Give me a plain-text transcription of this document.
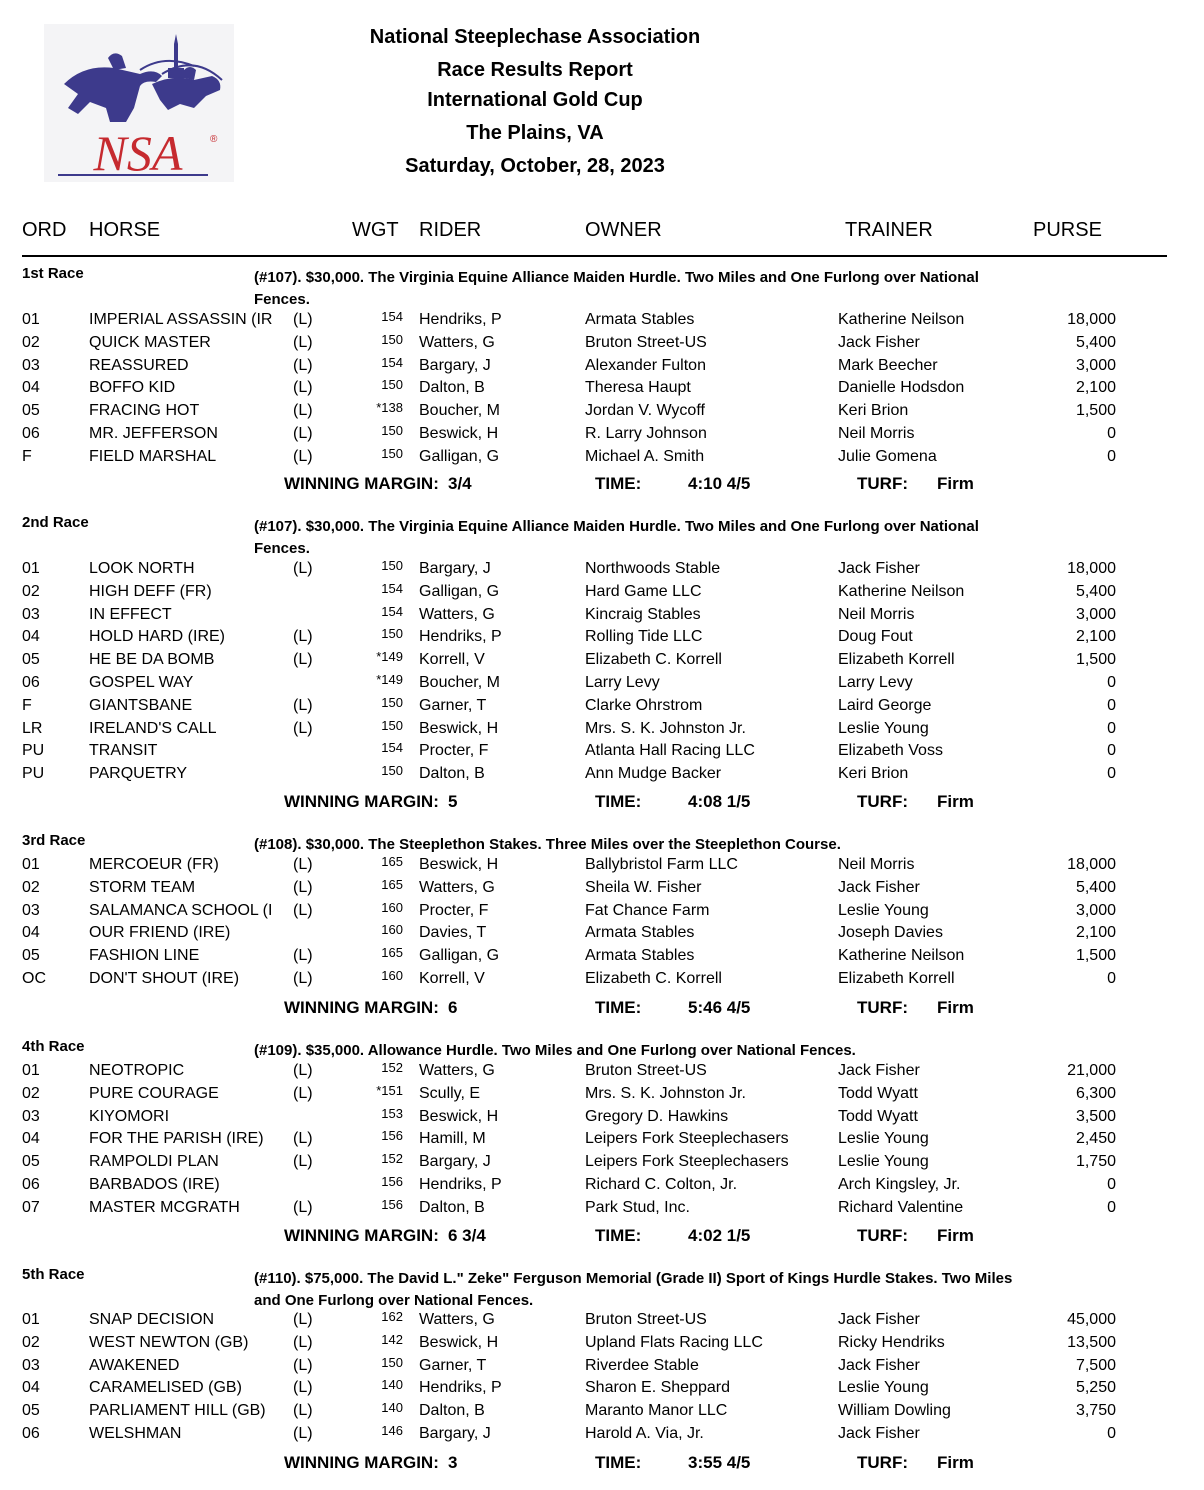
NSA	®
National Steeplechase Association
Race Results Report
International Gold Cup
The Plains, VA
Saturday, October, 28, 2023
ORD HORSE	WGT RIDER	OWNER	TRAINER	PURSE
1st Race	(#107). $30,000. The Virginia Equine Alliance Maiden Hurdle. Two Miles and One Furlong over National Fences.
01	IMPERIAL ASSASSIN (IR	(L)	154 Hendriks, P	Armata Stables	Katherine Neilson	18,000
02	QUICK MASTER	(L)	150 Watters, G	Bruton Street-US	Jack Fisher	5,400
03	REASSURED	(L)	154 Bargary, J	Alexander Fulton	Mark Beecher	3,000
04	BOFFO KID	(L)	150 Dalton, B	Theresa Haupt	Danielle Hodsdon	2,100
05	FRACING HOT	(L)	*138 Boucher, M	Jordan V. Wycoff	Keri Brion	1,500
06	MR. JEFFERSON	(L)	150 Beswick, H	R. Larry Johnson	Neil Morris	0
F	FIELD MARSHAL	(L)	150 Galligan, G	Michael A. Smith	Julie Gomena	0
WINNING MARGIN: 3/4	TIME:	4:10 4/5	TURF: Firm
2nd Race	(#107). $30,000. The Virginia Equine Alliance Maiden Hurdle. Two Miles and One Furlong over National Fences.
01	LOOK NORTH	(L)	150 Bargary, J	Northwoods Stable	Jack Fisher	18,000
02	HIGH DEFF (FR)	154 Galligan, G	Hard Game LLC	Katherine Neilson	5,400
03	IN EFFECT	154 Watters, G	Kincraig Stables	Neil Morris	3,000
04	HOLD HARD (IRE)	(L)	150 Hendriks, P	Rolling Tide LLC	Doug Fout	2,100
05	HE BE DA BOMB	(L)	*149 Korrell, V	Elizabeth C. Korrell	Elizabeth Korrell	1,500
06	GOSPEL WAY	*149 Boucher, M	Larry Levy	Larry Levy	0
F	GIANTSBANE	(L)	150 Garner, T	Clarke Ohrstrom	Laird George	0
LR	IRELAND'S CALL	(L)	150 Beswick, H	Mrs. S. K. Johnston Jr.	Leslie Young	0
PU	TRANSIT	154 Procter, F	Atlanta Hall Racing LLC	Elizabeth Voss	0
PU	PARQUETRY	150 Dalton, B	Ann Mudge Backer	Keri Brion	0
WINNING MARGIN: 5	TIME:	4:08 1/5	TURF: Firm
3rd Race	(#108). $30,000. The Steeplethon Stakes. Three Miles over the Steeplethon Course.
01	MERCOEUR (FR)	(L)	165 Beswick, H	Ballybristol Farm LLC	Neil Morris	18,000
02	STORM TEAM	(L)	165 Watters, G	Sheila W. Fisher	Jack Fisher	5,400
03	SALAMANCA SCHOOL (I	(L)	160 Procter, F	Fat Chance Farm	Leslie Young	3,000
04	OUR FRIEND (IRE)	160 Davies, T	Armata Stables	Joseph Davies	2,100
05	FASHION LINE	(L)	165 Galligan, G	Armata Stables	Katherine Neilson	1,500
OC	DON'T SHOUT (IRE)	(L)	160 Korrell, V	Elizabeth C. Korrell	Elizabeth Korrell	0
WINNING MARGIN: 6	TIME:	5:46 4/5	TURF: Firm
4th Race	(#109). $35,000. Allowance Hurdle. Two Miles and One Furlong over National Fences.
01	NEOTROPIC	(L)	152 Watters, G	Bruton Street-US	Jack Fisher	21,000
02	PURE COURAGE	(L)	*151 Scully, E	Mrs. S. K. Johnston Jr.	Todd Wyatt	6,300
03	KIYOMORI	153 Beswick, H	Gregory D. Hawkins	Todd Wyatt	3,500
04	FOR THE PARISH (IRE)	(L)	156 Hamill, M	Leipers Fork Steeplechasers	Leslie Young	2,450
05	RAMPOLDI PLAN	(L)	152 Bargary, J	Leipers Fork Steeplechasers	Leslie Young	1,750
06	BARBADOS (IRE)	156 Hendriks, P	Richard C. Colton, Jr.	Arch Kingsley, Jr.	0
07	MASTER MCGRATH	(L)	156 Dalton, B	Park Stud, Inc.	Richard Valentine	0
WINNING MARGIN: 6 3/4	TIME:	4:02 1/5	TURF: Firm
5th Race	(#110). $75,000. The David L." Zeke" Ferguson Memorial (Grade II) Sport of Kings Hurdle Stakes. Two Miles and One Furlong over National Fences.
01	SNAP DECISION	(L)	162 Watters, G	Bruton Street-US	Jack Fisher	45,000
02	WEST NEWTON (GB)	(L)	142 Beswick, H	Upland Flats Racing LLC	Ricky Hendriks	13,500
03	AWAKENED	(L)	150 Garner, T	Riverdee Stable	Jack Fisher	7,500
04	CARAMELISED (GB)	(L)	140 Hendriks, P	Sharon E. Sheppard	Leslie Young	5,250
05	PARLIAMENT HILL (GB)	(L)	140 Dalton, B	Maranto Manor LLC	William Dowling	3,750
06	WELSHMAN	(L)	146 Bargary, J	Harold A. Via, Jr.	Jack Fisher	0
WINNING MARGIN: 3	TIME:	3:55 4/5	TURF: Firm
